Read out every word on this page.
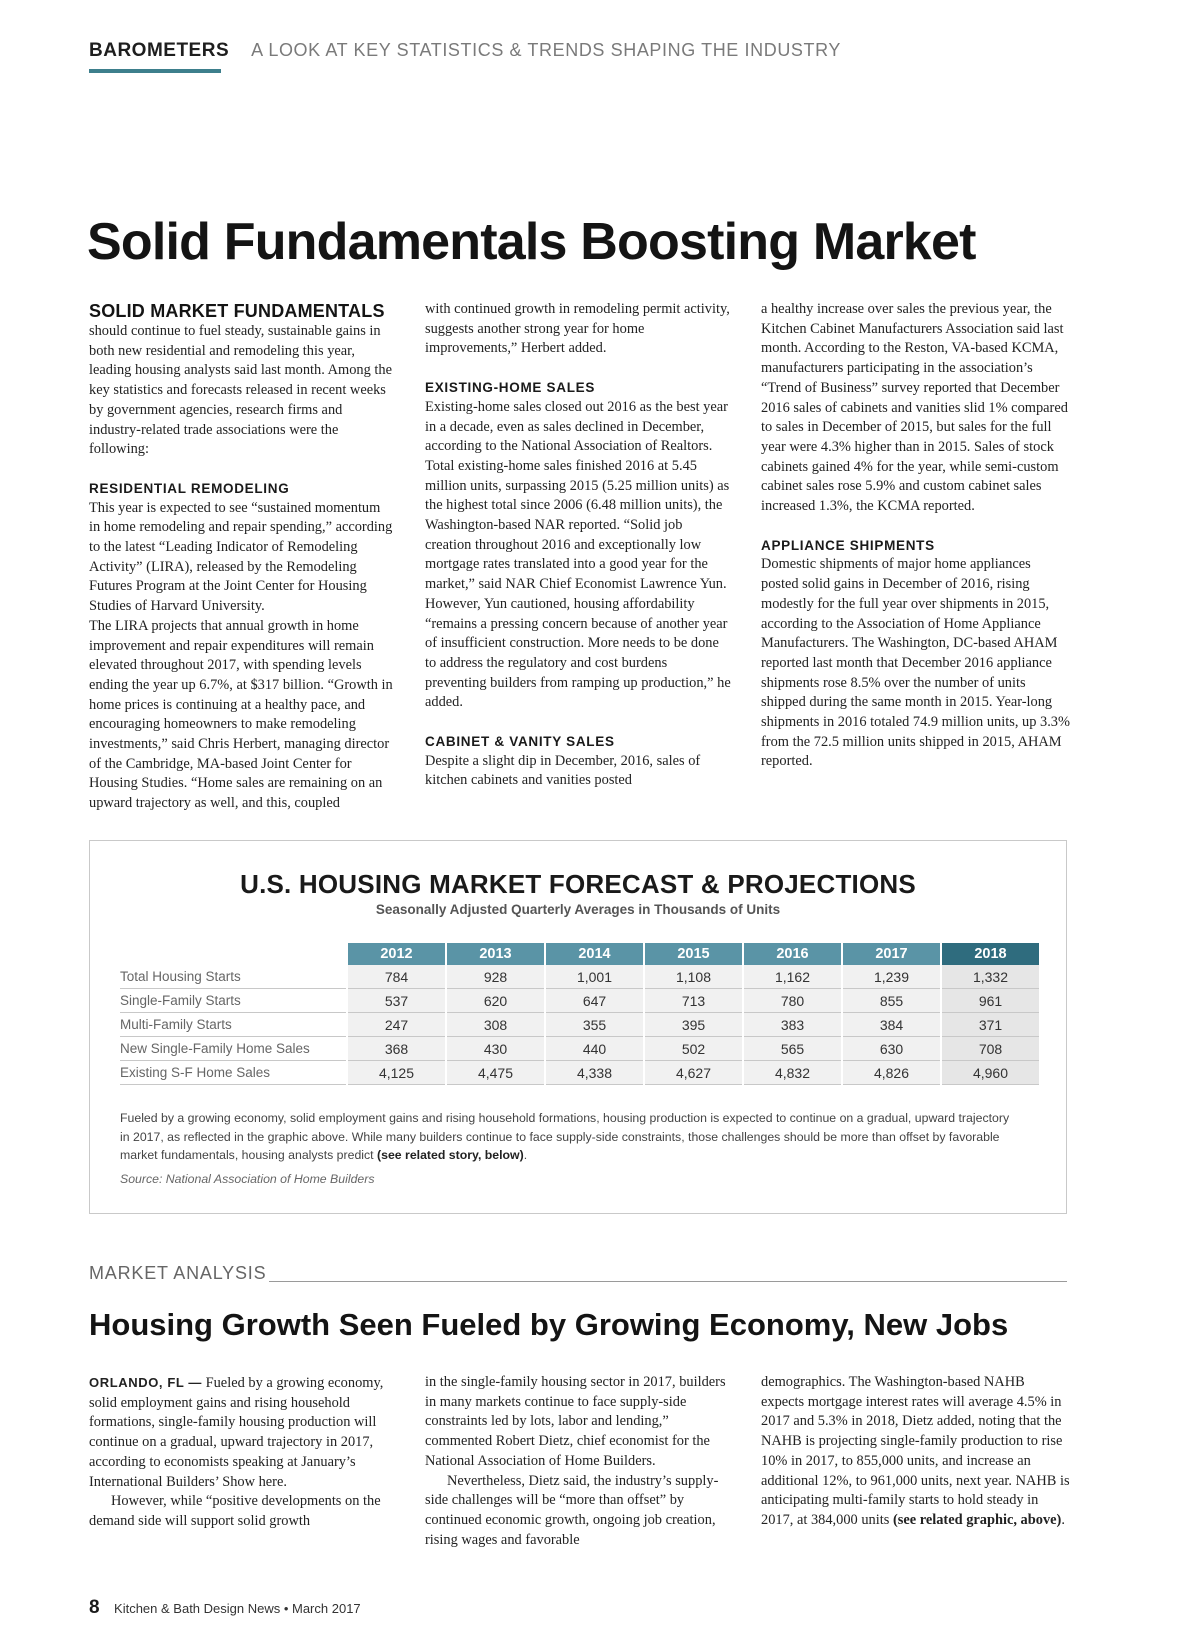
BAROMETERS A LOOK AT KEY STATISTICS & TRENDS SHAPING THE INDUSTRY
Solid Fundamentals Boosting Market

SOLID MARKET FUNDAMENTALS

should continue to fuel steady, sustainable gains in both new residential and remodeling this year, leading housing analysts said last month. Among the key statistics and forecasts released in recent weeks by government agencies, research firms and industry-related trade associations were the following:

RESIDENTIAL REMODELING

This year is expected to see “sustained momentum in home remodeling and repair spending,” according to the latest “Leading Indicator of Remodeling Activity” (LIRA), released by the Remodeling Futures Program at the Joint Center for Housing Studies of Harvard University.

The LIRA projects that annual growth in home improvement and repair expenditures will remain elevated throughout 2017, with spending levels ending the year up 6.7%, at $317 billion. “Growth in home prices is continuing at a healthy pace, and encouraging homeowners to make remodeling investments,” said Chris Herbert, managing director of the Cambridge, MA-based Joint Center for Housing Studies. “Home sales are remaining on an upward trajectory as well, and this, coupled

with continued growth in remodeling permit activity, suggests another strong year for home improvements,” Herbert added.

EXISTING-HOME SALES

Existing-home sales closed out 2016 as the best year in a decade, even as sales declined in December, according to the National Association of Realtors. Total existing-home sales finished 2016 at 5.45 million units, surpassing 2015 (5.25 million units) as the highest total since 2006 (6.48 million units), the Washington-based NAR reported. “Solid job creation throughout 2016 and exceptionally low mortgage rates translated into a good year for the market,” said NAR Chief Economist Lawrence Yun. However, Yun cautioned, housing affordability “remains a pressing concern because of another year of insufficient construction. More needs to be done to address the regulatory and cost burdens preventing builders from ramping up production,” he added.

CABINET & VANITY SALES

Despite a slight dip in December, 2016, sales of kitchen cabinets and vanities posted

a healthy increase over sales the previous year, the Kitchen Cabinet Manufacturers Association said last month. According to the Reston, VA-based KCMA, manufacturers participating in the association’s “Trend of Business” survey reported that December 2016 sales of cabinets and vanities slid 1% compared to sales in December of 2015, but sales for the full year were 4.3% higher than in 2015. Sales of stock cabinets gained 4% for the year, while semi-custom cabinet sales rose 5.9% and custom cabinet sales increased 1.3%, the KCMA reported.

APPLIANCE SHIPMENTS

Domestic shipments of major home appliances posted solid gains in December of 2016, rising modestly for the full year over shipments in 2015, according to the Association of Home Appliance Manufacturers. The Washington, DC-based AHAM reported last month that December 2016 appliance shipments rose 8.5% over the number of units shipped during the same month in 2015. Year-long shipments in 2016 totaled 74.9 million units, up 3.3% from the 72.5 million units shipped in 2015, AHAM reported.

U.S. HOUSING MARKET FORECAST & PROJECTIONS
Seasonally Adjusted Quarterly Averages in Thousands of Units
	2012	2013	2014	2015	2016	2017	2018
Total Housing Starts	784	928	1,001	1,108	1,162	1,239	1,332
Single-Family Starts	537	620	647	713	780	855	961
Multi-Family Starts	247	308	355	395	383	384	371
New Single-Family Home Sales	368	430	440	502	565	630	708
Existing S-F Home Sales	4,125	4,475	4,338	4,627	4,832	4,826	4,960
Fueled by a growing economy, solid employment gains and rising household formations, housing production is expected to continue on a gradual, upward trajectory in 2017, as reflected in the graphic above. While many builders continue to face supply-side constraints, those challenges should be more than offset by favorable market fundamentals, housing analysts predict (see related story, below).
Source: National Association of Home Builders
MARKET ANALYSIS
Housing Growth Seen Fueled by Growing Economy, New Jobs

ORLANDO, FL — Fueled by a growing economy, solid employment gains and rising household formations, single-family housing production will continue on a gradual, upward trajectory in 2017, according to economists speaking at January’s International Builders’ Show here.

However, while “positive developments on the demand side will support solid growth

in the single-family housing sector in 2017, builders in many markets continue to face supply-side constraints led by lots, labor and lending,” commented Robert Dietz, chief economist for the National Association of Home Builders.

Nevertheless, Dietz said, the industry’s supply-side challenges will be “more than offset” by continued economic growth, ongoing job creation, rising wages and favorable

demographics. The Washington-based NAHB expects mortgage interest rates will average 4.5% in 2017 and 5.3% in 2018, Dietz added, noting that the NAHB is projecting single-family production to rise 10% in 2017, to 855,000 units, and increase an additional 12%, to 961,000 units, next year. NAHB is anticipating multi-family starts to hold steady in 2017, at 384,000 units (see related graphic, above).

8 Kitchen & Bath Design News • March 2017
